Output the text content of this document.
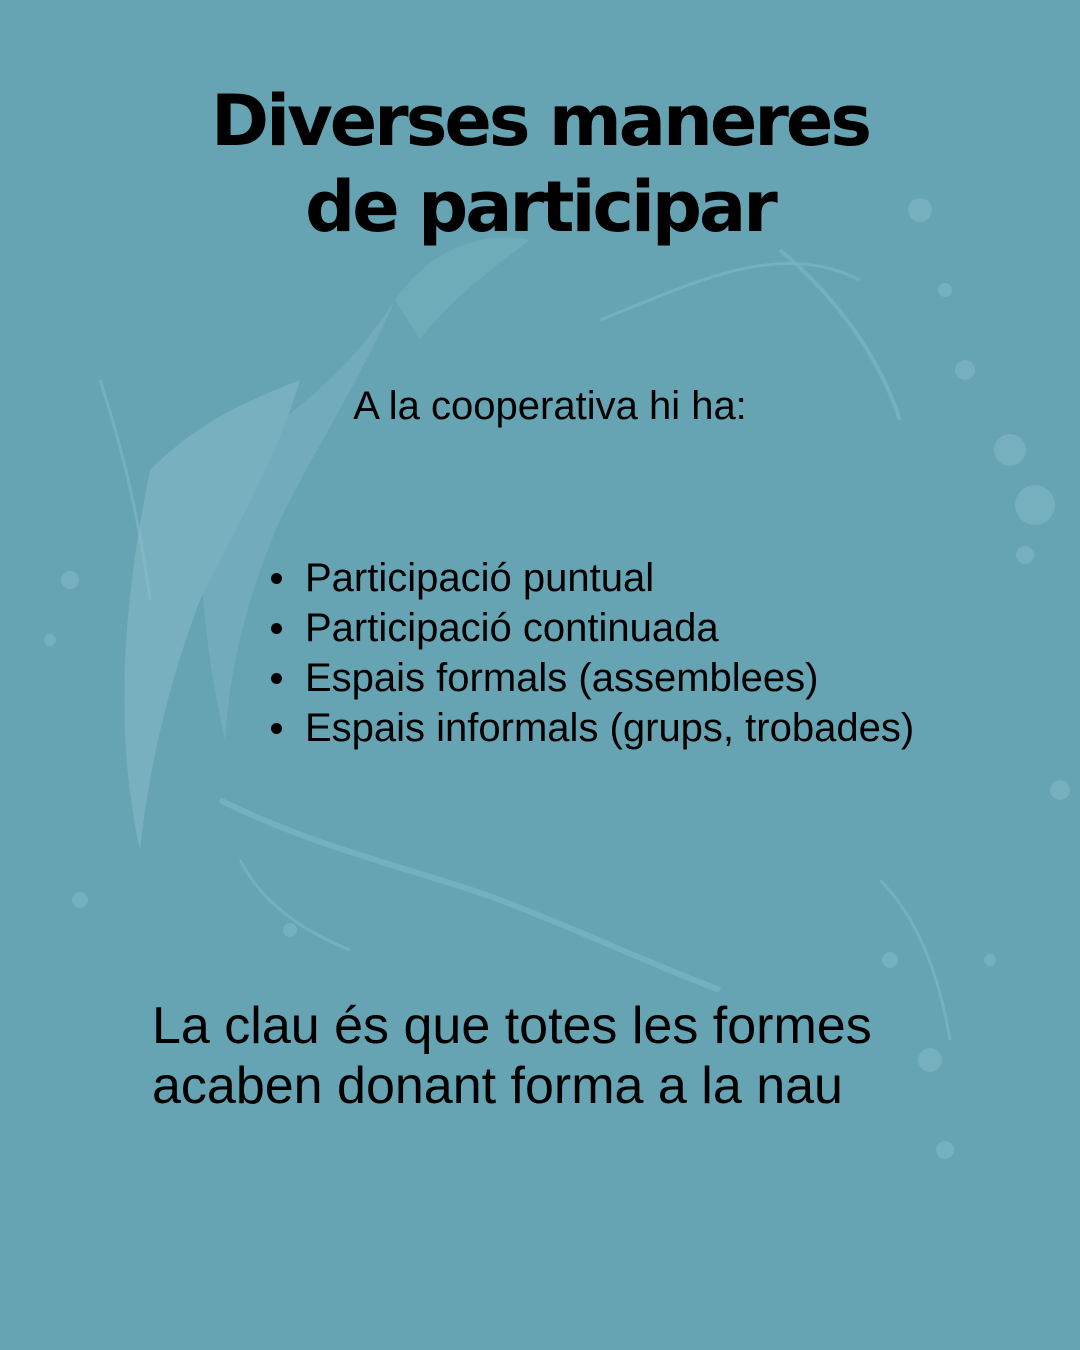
Diverses maneres
de participar
A la cooperativa hi ha:
Participació puntual
Participació continuada
Espais formals (assemblees)
Espais informals (grups, trobades)
La clau és que totes les formes
acaben donant forma a la nau
